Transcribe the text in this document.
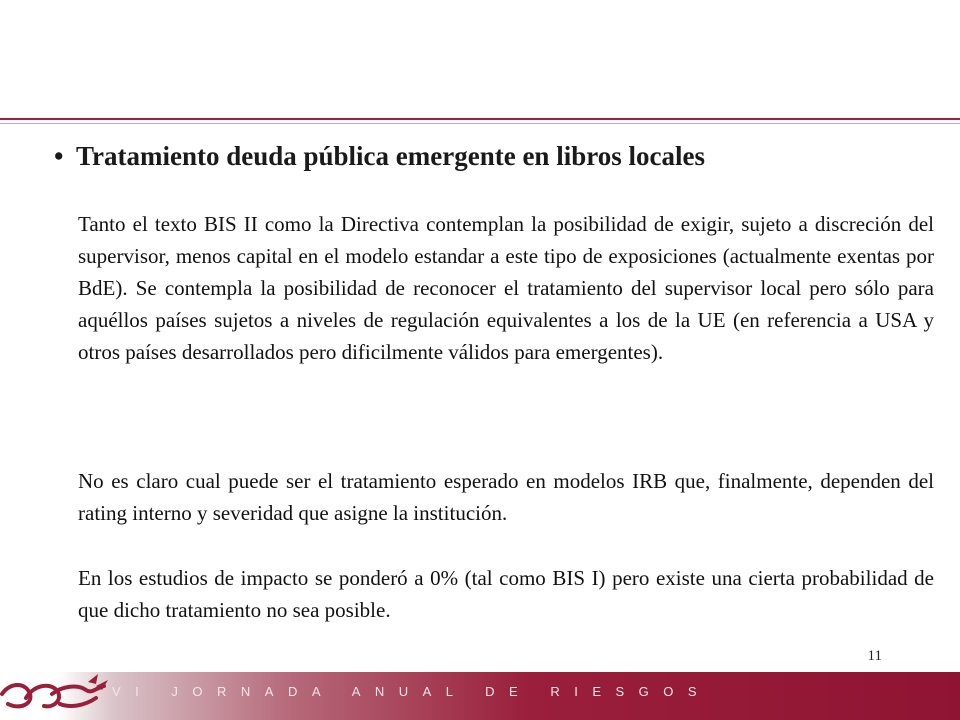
• Tratamiento deuda pública emergente en libros locales

Tanto el texto BIS II como la Directiva contemplan la posibilidad de exigir, sujeto a discreción del supervisor, menos capital en el modelo estandar a este tipo de exposiciones (actualmente exentas por BdE). Se contempla la posibilidad de reconocer el tratamiento del supervisor local pero sólo para aquéllos países sujetos a niveles de regulación equivalentes a los de la UE (en referencia a USA y otros países desarrollados pero dificilmente válidos para emergentes).

No es claro cual puede ser el tratamiento esperado en modelos IRB que, finalmente, dependen del rating interno y severidad que asigne la institución.

En los estudios de impacto se ponderó a 0% (tal como BIS I) pero existe una cierta probabilidad de que dicho tratamiento no sea posible.

11
VI JORNADA ANUAL DE RIESGOS
